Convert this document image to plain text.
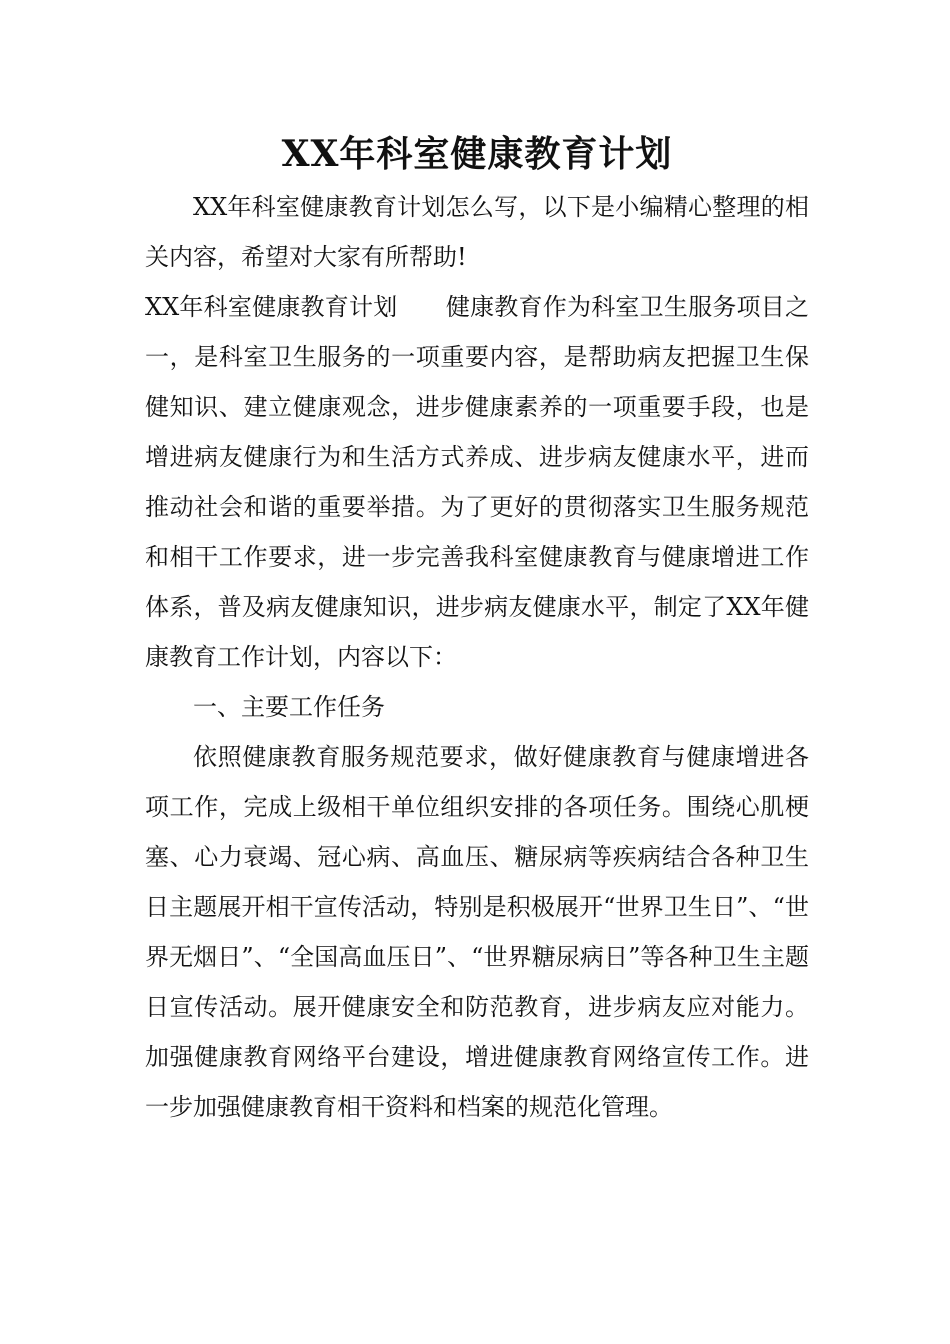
XX年科室健康教育计划

XX年科室健康教育计划怎么写，以下是小编精心整理的相关内容，希望对大家有所帮助!

XX年科室健康教育计划　　健康教育作为科室卫生服务项目之一，是科室卫生服务的一项重要内容，是帮助病友把握卫生保健知识、建立健康观念，进步健康素养的一项重要手段，也是增进病友健康行为和生活方式养成、进步病友健康水平，进而推动社会和谐的重要举措。为了更好的贯彻落实卫生服务规范和相干工作要求，进一步完善我科室健康教育与健康增进工作体系，普及病友健康知识，进步病友健康水平，制定了XX年健康教育工作计划，内容以下：

一、主要工作任务

依照健康教育服务规范要求，做好健康教育与健康增进各项工作，完成上级相干单位组织安排的各项任务。围绕心肌梗塞、心力衰竭、冠心病、高血压、糖尿病等疾病结合各种卫生日主题展开相干宣传活动，特别是积极展开“世界卫生日”、“世界无烟日”、“全国高血压日”、“世界糖尿病日”等各种卫生主题日宣传活动。展开健康安全和防范教育，进步病友应对能力。加强健康教育网络平台建设，增进健康教育网络宣传工作。进一步加强健康教育相干资料和档案的规范化管理。
